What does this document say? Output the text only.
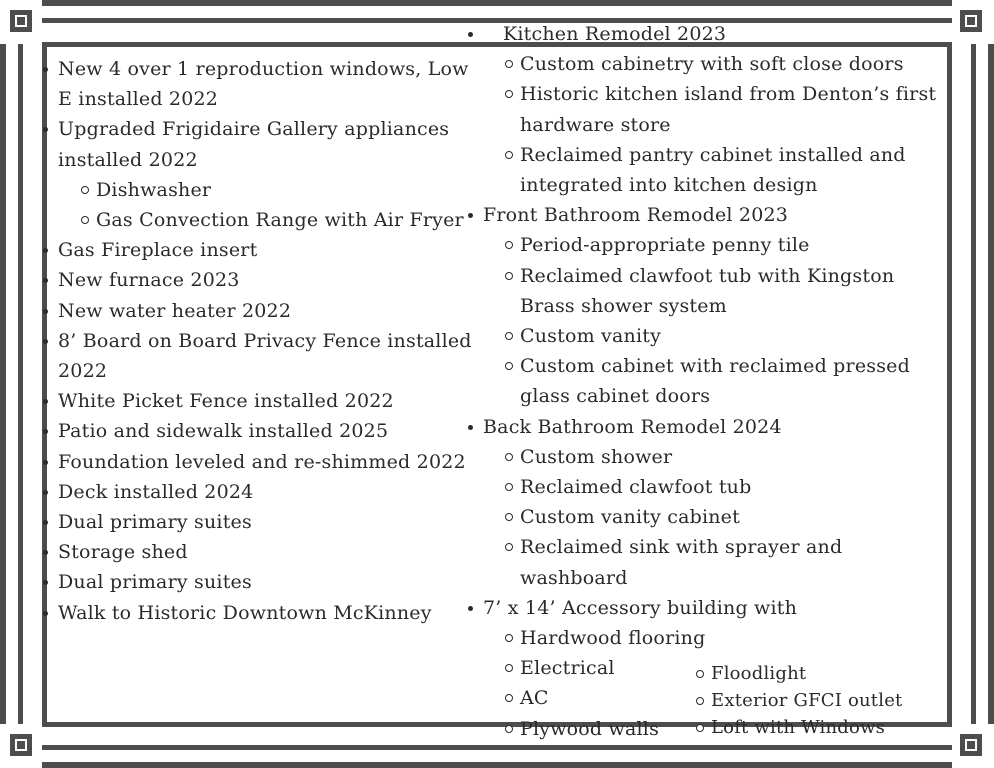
New 4 over 1 reproduction windows, Low E installed 2022
Upgraded Frigidaire Gallery appliances installed 2022
Dishwasher
Gas Convection Range with Air Fryer
Gas Fireplace insert
New furnace 2023
New water heater 2022
8’ Board on Board Privacy Fence installed 2022
White Picket Fence installed 2022
Patio and sidewalk installed 2025
Foundation leveled and re-shimmed 2022
Deck installed 2024
Dual primary suites
Storage shed
Dual primary suites
Walk to Historic Downtown McKinney
Kitchen Remodel 2023
Custom cabinetry with soft close doors
Historic kitchen island from Denton’s first hardware store
Reclaimed pantry cabinet installed and integrated into kitchen design
Front Bathroom Remodel 2023
Period-appropriate penny tile
Reclaimed clawfoot tub with Kingston Brass shower system
Custom vanity
Custom cabinet with reclaimed pressed glass cabinet doors
Back Bathroom Remodel 2024
Custom shower
Reclaimed clawfoot tub
Custom vanity cabinet
Reclaimed sink with sprayer and washboard
7’ x 14’ Accessory building with
Hardwood flooring
Electrical
AC
Plywood walls
Floodlight
Exterior GFCI outlet
Loft with Windows
